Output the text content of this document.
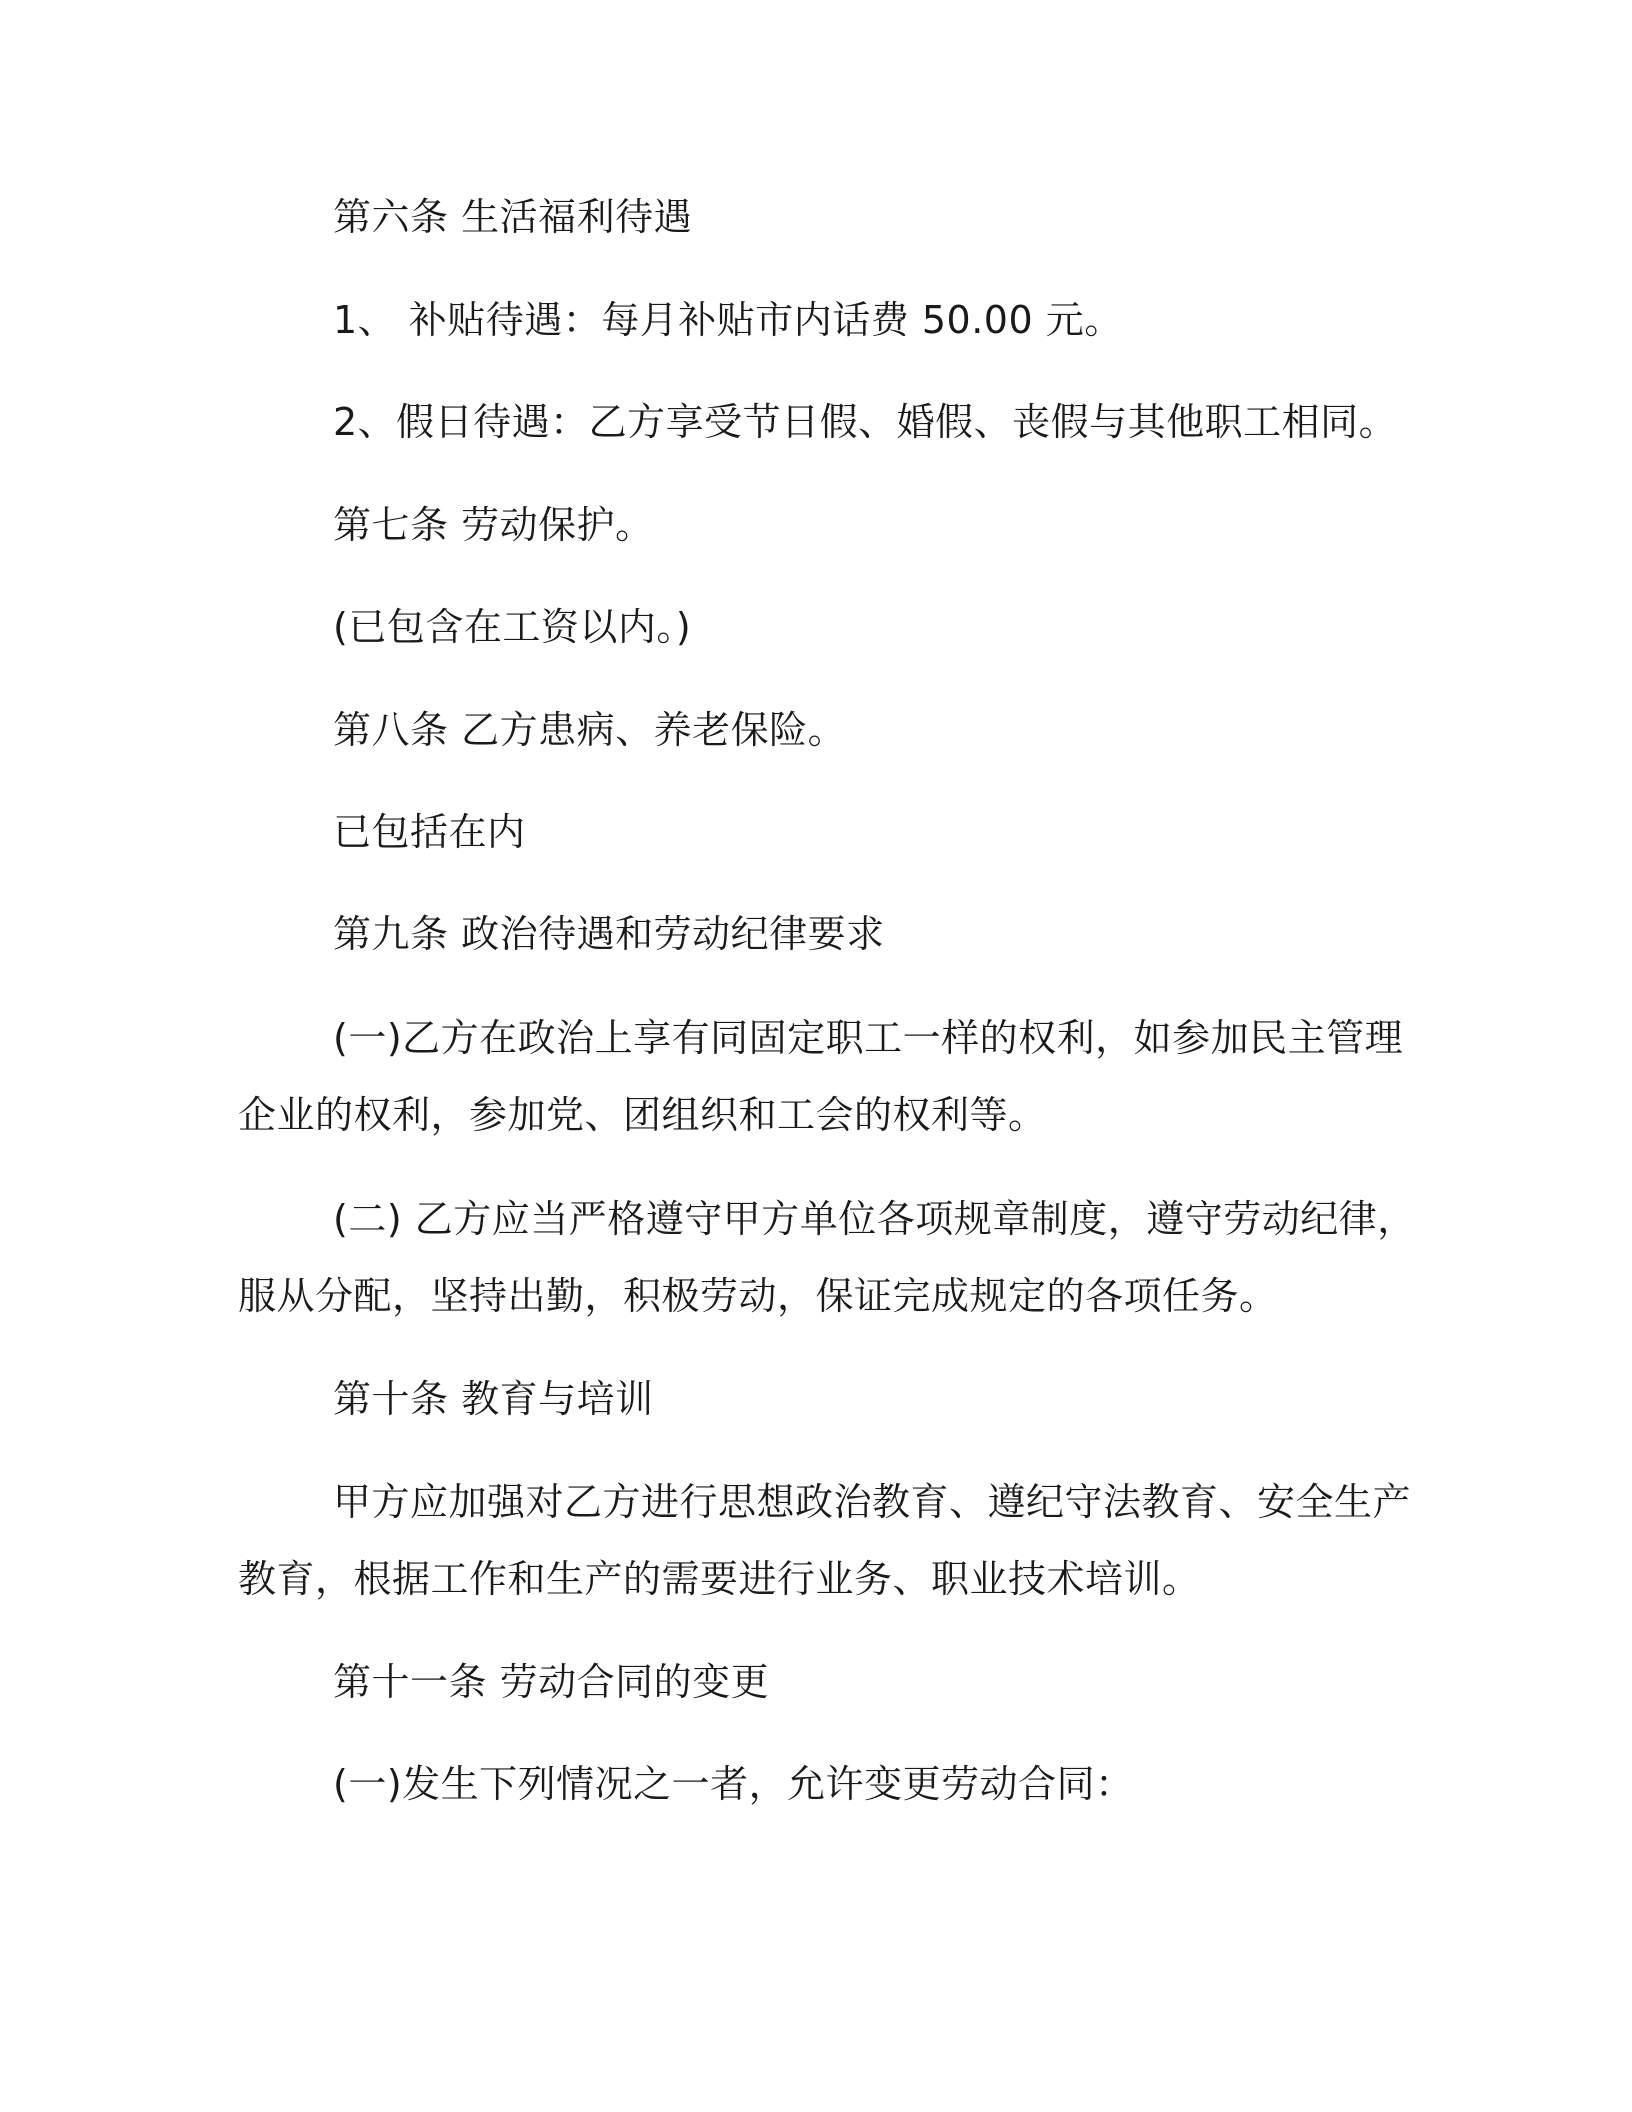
第六条 生活福利待遇
1、 补贴待遇：每月补贴市内话费 50.00 元。
2、假日待遇：乙方享受节日假、婚假、丧假与其他职工相同。
第七条 劳动保护。
(已包含在工资以内。)
第八条 乙方患病、养老保险。
已包括在内
第九条 政治待遇和劳动纪律要求
(一)乙方在政治上享有同固定职工一样的权利，如参加民主管理
企业的权利，参加党、团组织和工会的权利等。
(二) 乙方应当严格遵守甲方单位各项规章制度，遵守劳动纪律，
服从分配，坚持出勤，积极劳动，保证完成规定的各项任务。
第十条 教育与培训
甲方应加强对乙方进行思想政治教育、遵纪守法教育、安全生产
教育，根据工作和生产的需要进行业务、职业技术培训。
第十一条 劳动合同的变更
(一)发生下列情况之一者，允许变更劳动合同：
